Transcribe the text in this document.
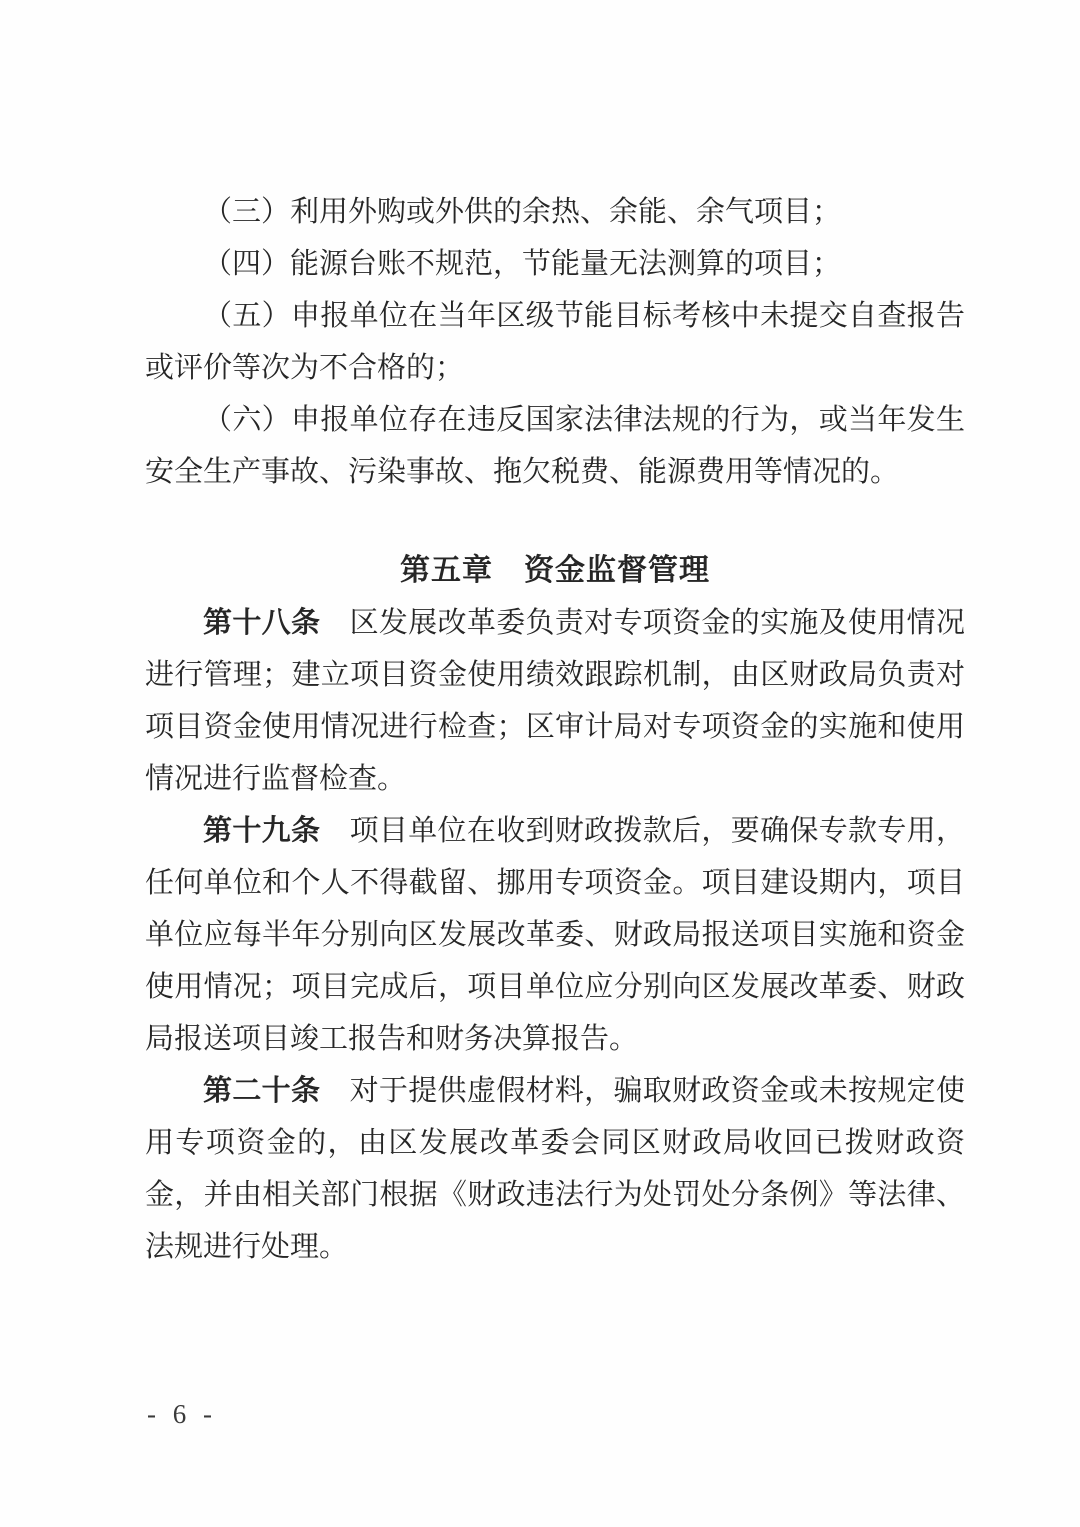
（三）利用外购或外供的余热、余能、余气项目；

（四）能源台账不规范，节能量无法测算的项目；

（五）申报单位在当年区级节能目标考核中未提交自查报告或评价等次为不合格的；

（六）申报单位存在违反国家法律法规的行为，或当年发生安全生产事故、污染事故、拖欠税费、能源费用等情况的。

第五章　资金监督管理

第十八条　区发展改革委负责对专项资金的实施及使用情况进行管理；建立项目资金使用绩效跟踪机制，由区财政局负责对项目资金使用情况进行检查；区审计局对专项资金的实施和使用情况进行监督检查。

第十九条　项目单位在收到财政拨款后，要确保专款专用，任何单位和个人不得截留、挪用专项资金。项目建设期内，项目单位应每半年分别向区发展改革委、财政局报送项目实施和资金使用情况；项目完成后，项目单位应分别向区发展改革委、财政局报送项目竣工报告和财务决算报告。

第二十条　对于提供虚假材料，骗取财政资金或未按规定使用专项资金的，由区发展改革委会同区财政局收回已拨财政资金，并由相关部门根据《财政违法行为处罚处分条例》等法律、法规进行处理。

- 6 -
